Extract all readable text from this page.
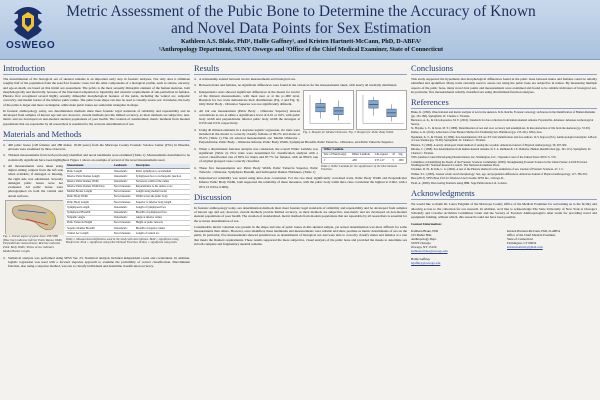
OSWEGO
Metric Assessment of the Pubic Bone to Determine the Accuracy of Known and Novel Data Points for Sex Estimation
Kathleen A.S. Blake, PhD¹, Hallie Gaffney¹, and Kristen Hartnett-McCann, PhD, D-ABFA²
¹Anthropology Department, SUNY Oswego and ²Office of the Chief Medical Examiner, State of Connecticut
Introduction

The determination of the biological sex of skeletal remains is an important early step in forensic analyses. Not only does it eliminate roughly half of the population from the search in forensic cases, but the other components of a biological profile, such as stature, ancestry, and age-at-death, are based on that initial sex assessment. The pelvis is the most sexually dimorphic element of the human skeleton, both morphologically and metrically, because of the functional adaptation to bipedality and obstetric requirements of sub-parturition in females. Phenice first recognized several highly sexually dimorphic morphological features of the pubis, including the ventral arc, subpubic concavity, and medial border of the inferior pubic ramus. The pubic bone shape can also be used to visually assess sex: in females, the body of the pubis is larger and more rectangular, while male pubic bones are somewhat triangular in shape.

In forensic anthropology today, sex determination methods must meet forensic legal standards of reliability and repeatability and be developed from samples of known age and sex, however, current methods provide limited accuracy, as most methods are subjective, non-metric and are developed on non-modern skeletal populations of poor health. The creation of standardized, metric methods from modern populations that are repeatable by all researchers is essential for the accurate determination of sex.

Materials and Methods
➤ 400 pubic bones (120 females and 280 males; 18-90 years) from the Maricopa County Forensic Science Center (FSC) in Phoenix, Arizona were examined by three observers.
➤ Thirteen measurements from both previously identified and novel landmarks were examined (Table 1). Measurements determined to be statistically significant have been highlighted. Figure 1 shows an example of several of the novel measurements used.
Measurement	Landmark	Description
Pubic Length	Osteometric	Pubic symphysis to acetabulum
Inferior Pubic Ramus Length	Osteometric	Symphyseal face to ischiopubic junction
Inferior Pubic Ramus Width	Osteometric	Narrowest width of the ramus
Inferior Pubic Ramus Width Perp.	Novel measure	Perpendicular to the ramus at arc
Medial Border Length	Novel measure	Length along medial border
Pubic Body Width	Novel measure	Width across the pubic body
Pubic Body Length	Novel measure	Superior to inferior body length
Symphyseal Length	Osteometric	Length of symphyseal face
Symphyseal Breadth	Osteometric	Breadth of symphyseal face
Subpubic Angle	Osteometric	Angle at inferior ramus
Pubic Tubercle Height	Novel measure	Height of pubic tubercle
Superior Ramus Breadth	Osteometric	Breadth of superior ramus
Ventral Arc Length	Novel measure	Length of ventral arc
Table 1. Measurement definitions used in the study with descriptions. Bold = significant using Bonferroni. Pink = significant using Discriminant Function. Yellow = significant using both.
➤ All measurements were taken using digital sliding calipers from the left side when available; if damaged or missing, the right side was substituted. Severely damaged pubic bones were not evaluated. All pubic bones were photographed on both the ventral and dorsal surfaces.
Fig. 1. Dorsal aspect of pubic bone: PH-VBB (Blue line) indicates Inferior Pubic Ramus Width Perpendicular measurement; Red line indicates Pubic Body Width; Yellow arrow indicates Medial Border Length.
➤ Statistical analysis was performed using SPSS Ver. 23. Statistical analysis included independent t-tests and correlations. In addition, logistic regression was used with a forward stepwise approach to examine the probability of correct classification. Discriminant function, also using a stepwise method, was run to classify individuals and determine classification accuracy.
Results
➤ A relationship existed between twelve measurements and biological sex.
➤ Between males and females, no significant differences were found in the variances for the measurements taken, with nearly all normally distributed.
Fig. 2. Boxplot for Medial Obturator. Fig. 3. Boxplot for Pubic Body Width.
➤ Independent t-tests showed significant differences in the means for twelve of the thirteen measurements, with most near or at the p=.000 level. Boxplots for two traits demonstrate their distributions (Fig. 2 and Fig. 3). Only Pubic Body - Obturator Superior was not significantly different.
➤ All but one measurement (Pubic Body - Obturator Superior) showed correlations to sex at either a significance level of 0.01 or 0.05, with pubic body width and perpendicular inferior pubic body width the strongest at 0.550 and 0.531 respectively.
➤ Using all thirteen elements in a stepwise logistic regression, six traits were included in the model to correctly classify females at 80.2% and males at 95.6% (Table 1) The six selected measurements are: Medial Obturator - Perpendicular, Pubic Body - Obturator Inferior, Pubic Body Width, Symphysis Breadth, Pubic Tubercle - Obturator, and Pubic Tubercle Superior.
Wilks' Lambda				
Test of Function(s)	Wilks' Lambda	Chi-square	df	Sig.
1	.465	237.127	5	.000
Table 2. Wilks' Lambda for the significance of the Discriminant Function.
➤ When a discriminant function analysis was conducted, the overall Wilks' Lambda was significant (Table 2). Five traits were determined for classification analysis with a correct classification rate of 89% for males and 87.7% for females, with an 88.6% rate of original grouped cases correctly classified.
➤ These five measurements are: Pubic Body Width, Pubic Tubercle Superior, Pubic Tubercle - Obturator, Symphysis Breadth, and Ischiopubic Ramus Thickness. (Table 1)
➤ Interobserver reliability was tested using intra-class correlation. For the two most significantly correlated traits, Pubic Body Width and Perpendicular Inferior Pubic Body Width, both supported the reliability of these measures, with the pubic body width intra-class correlation the highest at 0.962, with a 95% CI 0.954, 0.969).
Discussion

In forensic anthropology today, sex determination methods must meet forensic legal standards of reliability and repeatability and be developed from samples of known age and sex, however, current methods provide limited accuracy, as most methods are subjective, non-metric and are developed on non-modern skeletal populations of poor health. The creation of standardized, metric methods from modern populations that are repeatable by all researchers is essential for the accurate determination of sex.

Considerable metric variation was present in the shape and size of pubic bones in this skeletal sample, yet sexual determination was most difficult for some measurements than others. However, once identified, these landmarks and measurements were reliable and show promise as metric determinants of sex on the pubis. In particular, five measurements showed potential use as determinants of biological sex and were able to correctly classify males and females at a rate that meets the Daubert requirements. These results supported the more subjective, visual analysis of the pubic bone and provided the means to determine sex in both complete and fragmentary skeletal remains.

Conclusions

This study supported the hypothesis that morphological differences found in the pubic bone between males and females could be reliably identified and quantified. Many traits currently used to assess sex using the pubic bone are subjective in nature. By measuring multiple aspects of the pubic bone, many novel data points and measurements were examined and found to be reliable indicators of biological sex. In particular, five measurements reliably classified sex using discriminant function analyses.

References

Blake, K. (1990). Observational and metric analysis of sex in the skeleton. In K. Reichs, Forensic osteology: Advances in the Identification of Human Remains (pp. 161-186). Springfield, IL: Charles C. Thomas.

Bertsatos, A. K., & Chovalopoulou, M. E. (2016). Standards for data collection from human skeletal remains. Fayetteville, Arkansas: Arkansas Archeological Survey.

St. Hoyme, L. E., & Iscan, M. Y. (1989). Determination of sex and race: accuracy and assumptions. In Reconstruction of life from the skeleton (pp. 53-93).

Klales, A. R. (2012). A Revision of the Phenice Method for Estimating Sex. Baltimore (pp. 153-161). Wiley-Liss.

Neumann, K. T., & Viviani, P. (1999). Sex determination: XX are XY trait identification and fore authors. In S. Kapoor (Ed.), Anthropological Analysis: A Book of Case Studies (pp. 76-90). Springfield, IL: Charles C. Thomas.

Phenice, T. (1969). A newly developed visual method of sexing the os pubis. American Journal of Physical Anthropology, 30, 297-302.

Rhodes, C. (1998). Sex determination from human skeletal remains. In T. A. Rathbun & J. E. Buikstra, Human Identification (pp. 101-115). Springfield, IL: Charles C. Thomas.

SWG (Andrea Council Developing Disarticulation, Inc. Washington, D.C.: Supreme Court of the United States 509 U.S. 579.

Committee on Identifying the Needs of the Forensic Sciences Community. (2009). Strengthening Forensic Science in the United States: A Path Forward. Washington DC: National Research Council. The National Academies Press.

Ubelaker, D. H., & Volk, C. G. (2002). A test of the Phenice method for the estimation of sex. Journal of Forensic Sciences, 47, 1-5.

Walker, P. L. (2005). Greater sciatic notch morphology: Sex, age, and population differences. American Journal of Physical Anthropology, 127, 385-391.

Bass (2013). SPSS Base 23.0 for Windows User's Guide. SPSS Inc., Chicago IL.

Field, A. (2009). Discovering Statistics using IBM. Sage Publications Ltd. London.

Acknowledgments

We would like to thank Dr. Laura Fulginiti of the Maricopa County Office of the Medical Examiner for welcoming us to the facility and allowing access to the collection for our research. In addition, we'd like to acknowledge The State University of New York at Oswego's Scholarly and Creative Activities Committee Grant and the Society of Forensic Anthropologist's Alan Grant for providing travel and equipment funding, without which, this research could not have been possible.

Contact Information:

Kathleen Blake, PhD

105 Mahar Hall,

Anthropology Dept.

SUNY Oswego

Oswego, NY 13126

kathleen.blake@oswego.edu

Hallie Gaffney

hgaffney@oswego.edu

Kristen Hartnett-McCann, PhD, D-ABFA

Office of the Chief Medical Examiner

State of Connecticut

Farmington, CT 06032

kristen.hartnett@gmail.com
